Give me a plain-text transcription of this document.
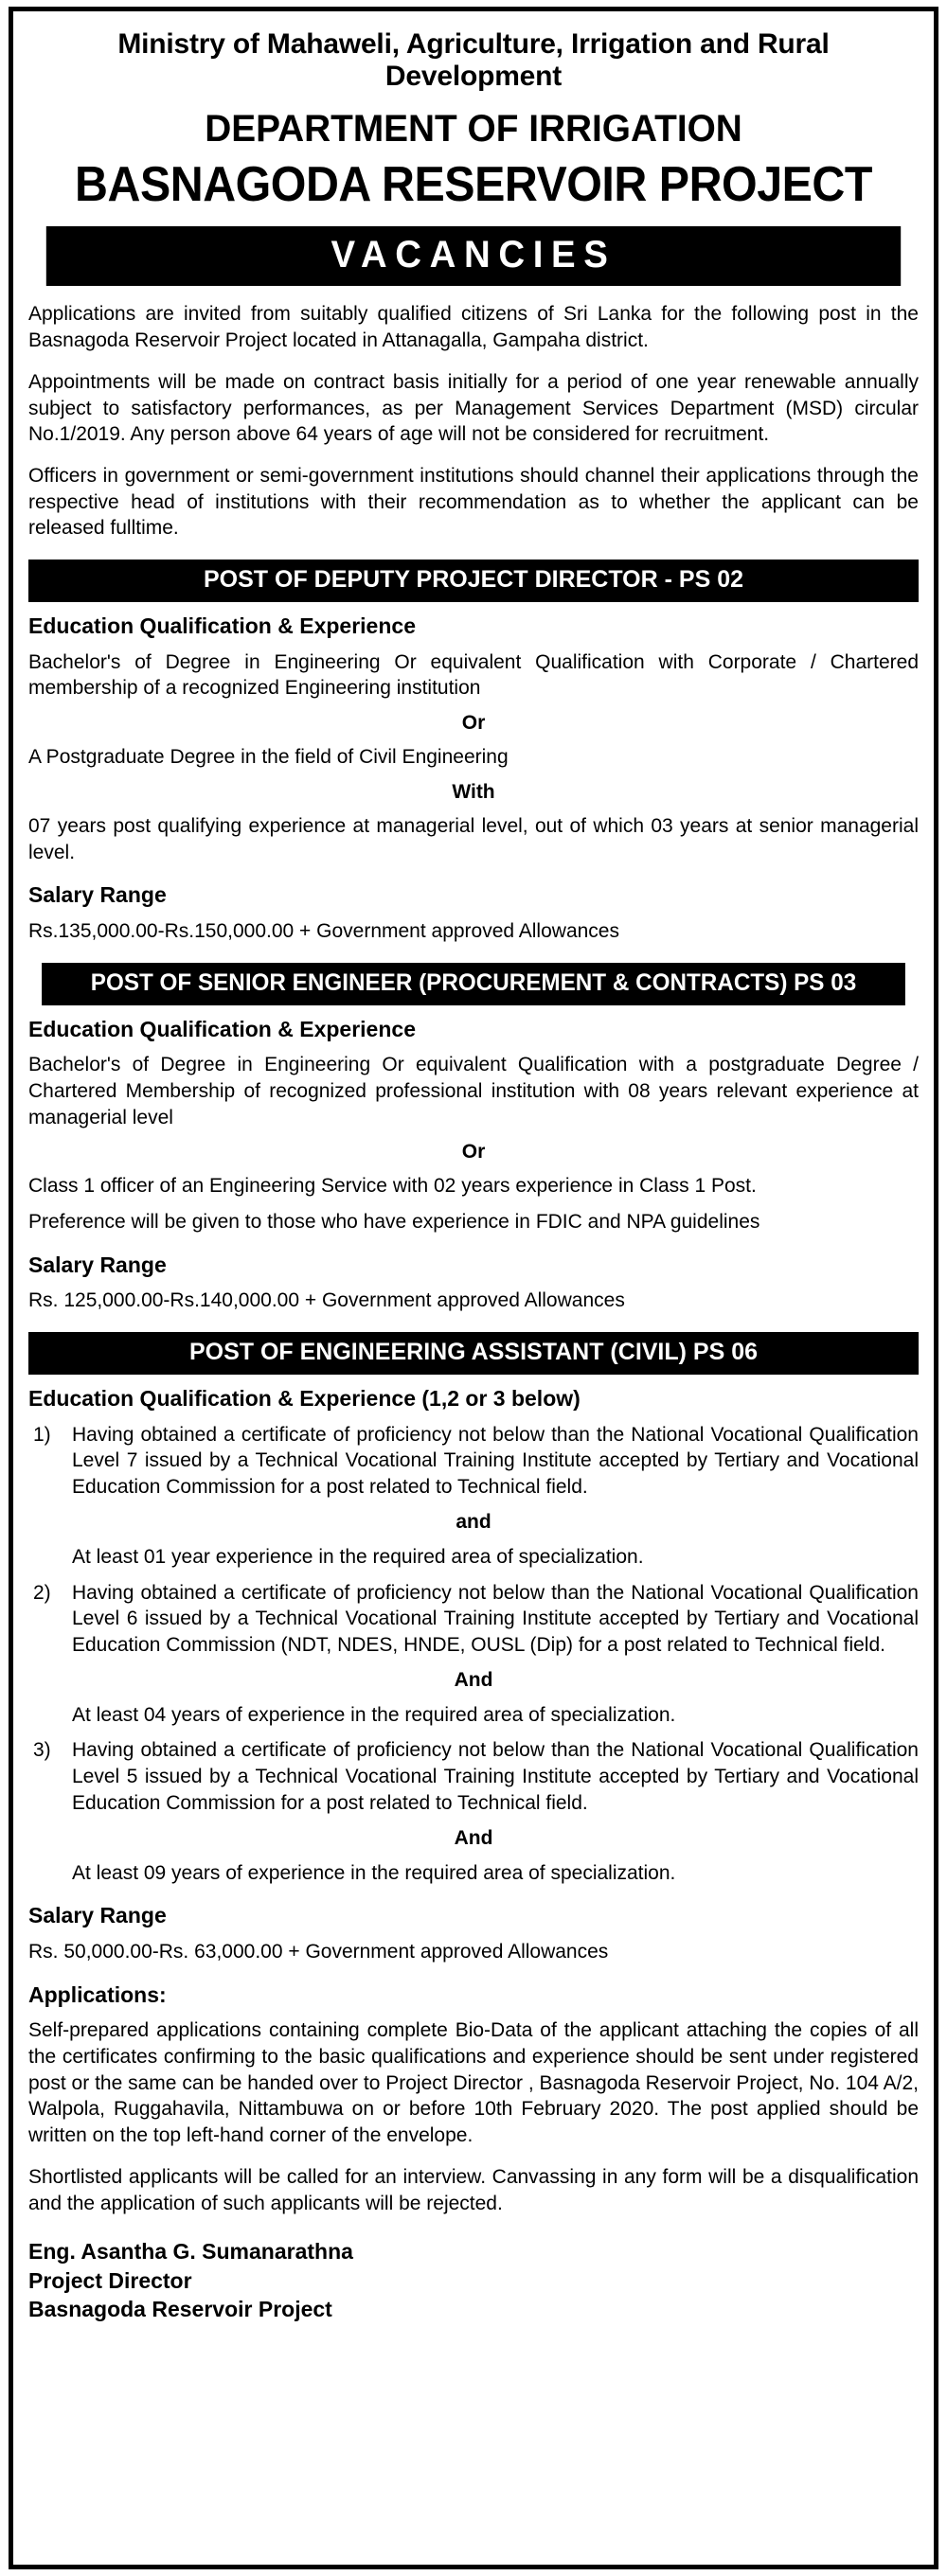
Ministry of Mahaweli, Agriculture, Irrigation and Rural Development
DEPARTMENT OF IRRIGATION
BASNAGODA RESERVOIR PROJECT
VACANCIES

Applications are invited from suitably qualified citizens of Sri Lanka for the following post in the Basnagoda Reservoir Project located in Attanagalla, Gampaha district.

Appointments will be made on contract basis initially for a period of one year renewable annually subject to satisfactory performances, as per Management Services Department (MSD) circular No.1/2019. Any person above 64 years of age will not be considered for recruitment.

Officers in government or semi-government institutions should channel their applications through the respective head of institutions with their recommendation as to whether the applicant can be released fulltime.

POST OF DEPUTY PROJECT DIRECTOR - PS 02
Education Qualification & Experience

Bachelor's of Degree in Engineering Or equivalent Qualification with Corporate / Chartered membership of a recognized Engineering institution

Or

A Postgraduate Degree in the field of Civil Engineering

With

07 years post qualifying experience at managerial level, out of which 03 years at senior managerial level.

Salary Range

Rs.135,000.00-Rs.150,000.00 + Government approved Allowances

POST OF SENIOR ENGINEER (PROCUREMENT & CONTRACTS) PS 03
Education Qualification & Experience

Bachelor's of Degree in Engineering Or equivalent Qualification with a postgraduate Degree / Chartered Membership of recognized professional institution with 08 years relevant experience at managerial level

Or

Class 1 officer of an Engineering Service with 02 years experience in Class 1 Post.

Preference will be given to those who have experience in FDIC and NPA guidelines

Salary Range

Rs. 125,000.00-Rs.140,000.00 + Government approved Allowances

POST OF ENGINEERING ASSISTANT (CIVIL) PS 06
Education Qualification & Experience (1,2 or 3 below)
1)	Having obtained a certificate of proficiency not below than the National Vocational Qualification Level 7 issued by a Technical Vocational Training Institute accepted by Tertiary and Vocational Education Commission for a post related to Technical field.

and

At least 01 year experience in the required area of specialization.

2)	Having obtained a certificate of proficiency not below than the National Vocational Qualification Level 6 issued by a Technical Vocational Training Institute accepted by Tertiary and Vocational Education Commission (NDT, NDES, HNDE, OUSL (Dip) for a post related to Technical field.

And

At least 04 years of experience in the required area of specialization.

3)	Having obtained a certificate of proficiency not below than the National Vocational Qualification Level 5 issued by a Technical Vocational Training Institute accepted by Tertiary and Vocational Education Commission for a post related to Technical field.

And

At least 09 years of experience in the required area of specialization.

Salary Range

Rs. 50,000.00-Rs. 63,000.00 + Government approved Allowances

Applications:

Self-prepared applications containing complete Bio-Data of the applicant attaching the copies of all the certificates confirming to the basic qualifications and experience should be sent under registered post or the same can be handed over to Project Director , Basnagoda Reservoir Project, No. 104 A/2, Walpola, Ruggahavila, Nittambuwa on or before 10th February 2020. The post applied should be written on the top left-hand corner of the envelope.

Shortlisted applicants will be called for an interview. Canvassing in any form will be a disqualification and the application of such applicants will be rejected.

Eng. Asantha G. Sumanarathna
Project Director
Basnagoda Reservoir Project
